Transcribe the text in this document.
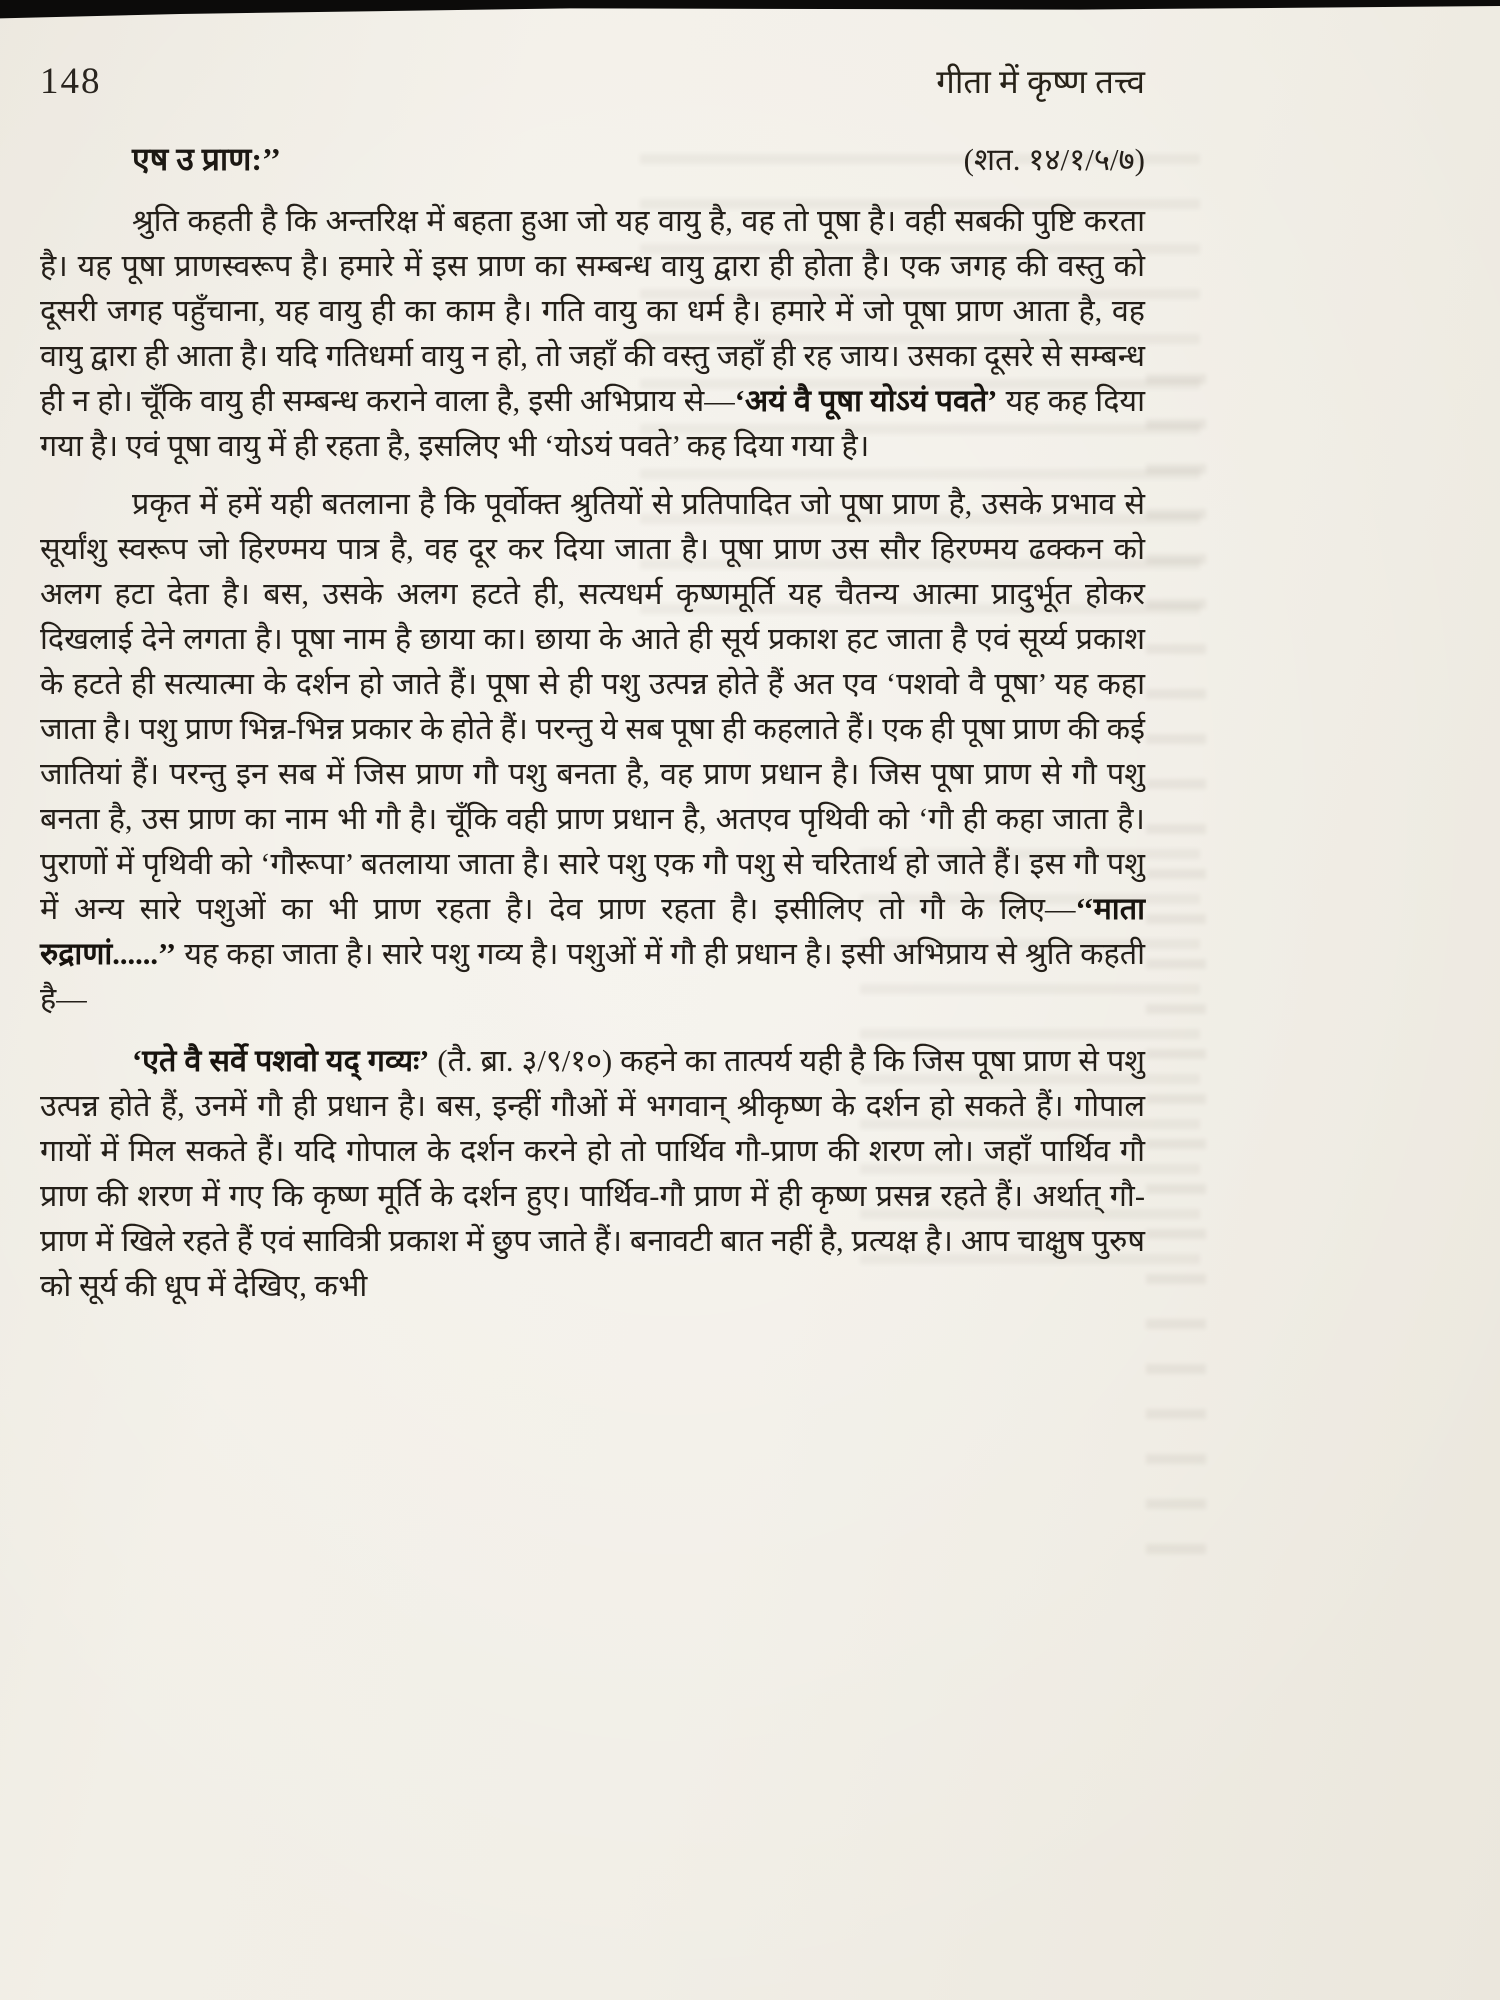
148	गीता में कृष्ण तत्त्व
एष उ प्राण:’’	(शत. १४/१/५/७)

श्रुति कहती है कि अन्तरिक्ष में बहता हुआ जो यह वायु है, वह तो पूषा है। वही सबकी पुष्टि करता है। यह पूषा प्राणस्वरूप है। हमारे में इस प्राण का सम्बन्ध वायु द्वारा ही होता है। एक जगह की वस्तु को दूसरी जगह पहुँचाना, यह वायु ही का काम है। गति वायु का धर्म है। हमारे में जो पूषा प्राण आता है, वह वायु द्वारा ही आता है। यदि गतिधर्मा वायु न हो, तो जहाँ की वस्तु जहाँ ही रह जाय। उसका दूसरे से सम्बन्ध ही न हो। चूँकि वायु ही सम्बन्ध कराने वाला है, इसी अभिप्राय से—‘अयं वै पूषा योऽयं पवते’ यह कह दिया गया है। एवं पूषा वायु में ही रहता है, इसलिए भी ‘योऽयं पवते’ कह दिया गया है।

प्रकृत में हमें यही बतलाना है कि पूर्वोक्त श्रुतियों से प्रतिपादित जो पूषा प्राण है, उसके प्रभाव से सूर्यांशु स्वरूप जो हिरण्मय पात्र है, वह दूर कर दिया जाता है। पूषा प्राण उस सौर हिरण्मय ढक्कन को अलग हटा देता है। बस, उसके अलग हटते ही, सत्यधर्म कृष्णमूर्ति यह चैतन्य आत्मा प्रादुर्भूत होकर दिखलाई देने लगता है। पूषा नाम है छाया का। छाया के आते ही सूर्य प्रकाश हट जाता है एवं सूर्य्य प्रकाश के हटते ही सत्यात्मा के दर्शन हो जाते हैं। पूषा से ही पशु उत्पन्न होते हैं अत एव ‘पशवो वै पूषा’ यह कहा जाता है। पशु प्राण भिन्न-भिन्न प्रकार के होते हैं। परन्तु ये सब पूषा ही कहलाते हैं। एक ही पूषा प्राण की कई जातियां हैं। परन्तु इन सब में जिस प्राण गौ पशु बनता है, वह प्राण प्रधान है। जिस पूषा प्राण से गौ पशु बनता है, उस प्राण का नाम भी गौ है। चूँकि वही प्राण प्रधान है, अतएव पृथिवी को ‘गौ ही कहा जाता है। पुराणों में पृथिवी को ‘गौरूपा’ बतलाया जाता है। सारे पशु एक गौ पशु से चरितार्थ हो जाते हैं। इस गौ पशु में अन्य सारे पशुओं का भी प्राण रहता है। देव प्राण रहता है। इसीलिए तो गौ के लिए—‘‘माता रुद्राणां......’’ यह कहा जाता है। सारे पशु गव्य है। पशुओं में गौ ही प्रधान है। इसी अभिप्राय से श्रुति कहती है—

‘एते वै सर्वे पशवो यद् गव्यः’ (तै. ब्रा. ३/९/१०) कहने का तात्पर्य यही है कि जिस पूषा प्राण से पशु उत्पन्न होते हैं, उनमें गौ ही प्रधान है। बस, इन्हीं गौओं में भगवान् श्रीकृष्ण के दर्शन हो सकते हैं। गोपाल गायों में मिल सकते हैं। यदि गोपाल के दर्शन करने हो तो पार्थिव गौ-प्राण की शरण लो। जहाँ पार्थिव गौ प्राण की शरण में गए कि कृष्ण मूर्ति के दर्शन हुए। पार्थिव-गौ प्राण में ही कृष्ण प्रसन्न रहते हैं। अर्थात् गौ-प्राण में खिले रहते हैं एवं सावित्री प्रकाश में छुप जाते हैं। बनावटी बात नहीं है, प्रत्यक्ष है। आप चाक्षुष पुरुष को सूर्य की धूप में देखिए, कभी
